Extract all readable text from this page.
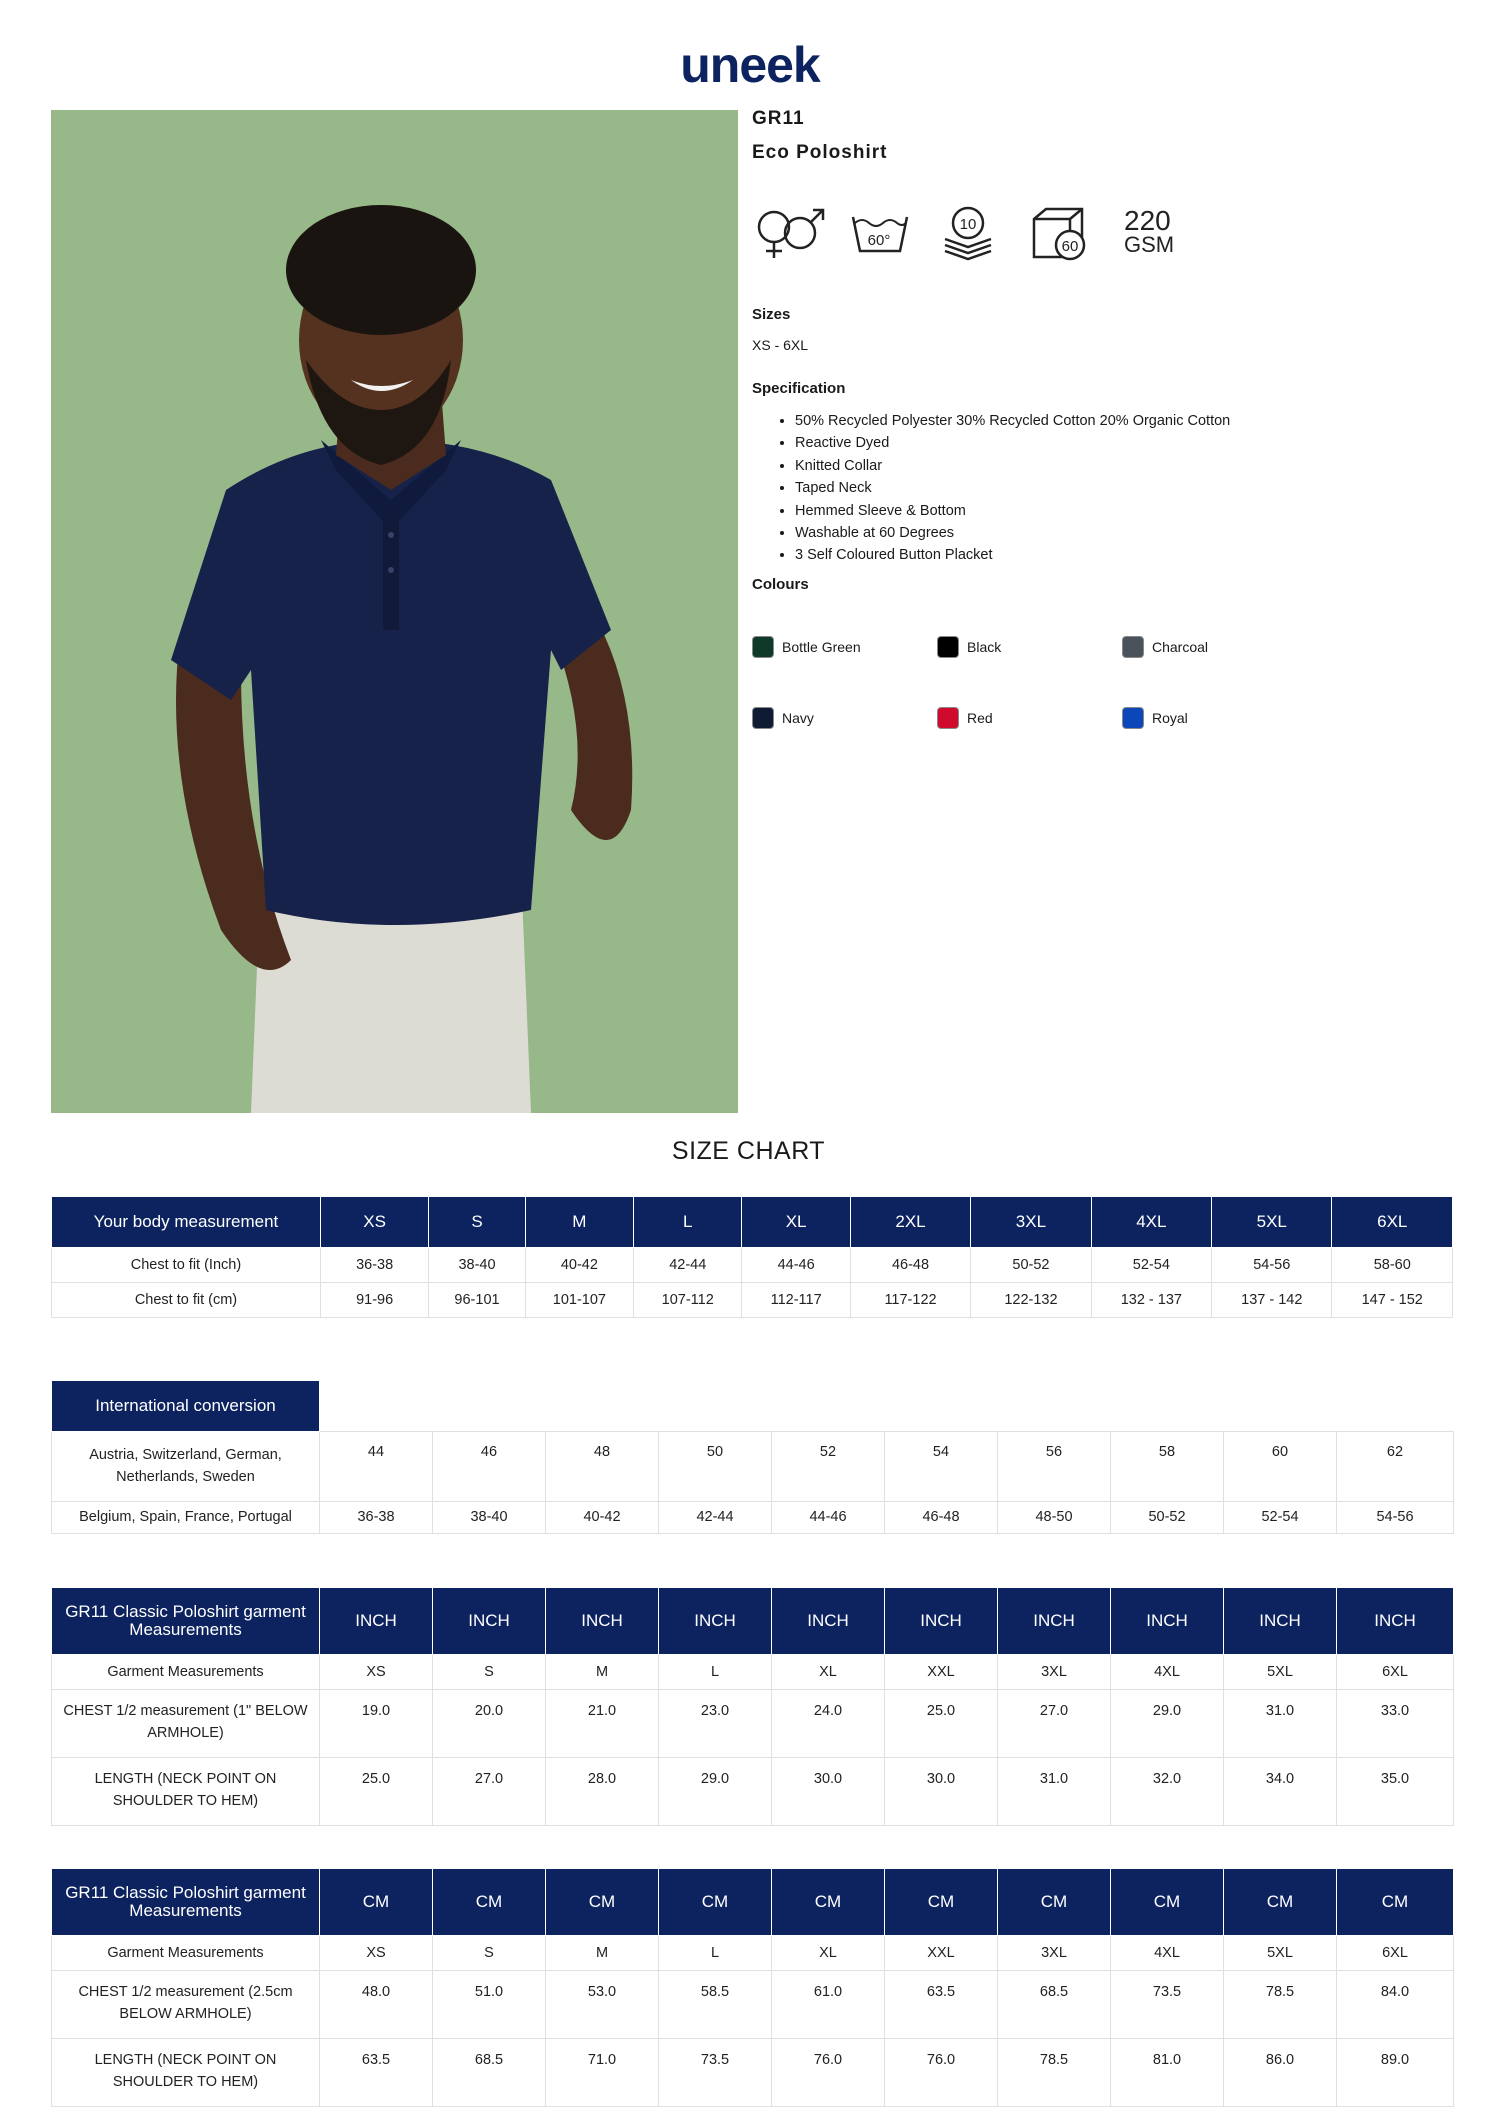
uneek

GR11

Eco Poloshirt

60°
10
60
220
GSM
Sizes
XS - 6XL
Specification
• 50% Recycled Polyester 30% Recycled Cotton 20% Organic Cotton
• Reactive Dyed
• Knitted Collar
• Taped Neck
• Hemmed Sleeve & Bottom
• Washable at 60 Degrees
• 3 Self Coloured Button Placket
Colours
Bottle Green	Black	Charcoal
Navy	Red	Royal
SIZE CHART
Your body measurement	XS	S	M	L	XL	2XL	3XL	4XL	5XL	6XL
Chest to fit (Inch)	36-38	38-40	40-42	42-44	44-46	46-48	50-52	52-54	54-56	58-60
Chest to fit (cm)	91-96	96-101	101-107	107-112	112-117	117-122	122-132	132 - 137	137 - 142	147 - 152
International conversion										
Austria, Switzerland, German, Netherlands, Sweden	44	46	48	50	52	54	56	58	60	62
Belgium, Spain, France, Portugal	36-38	38-40	40-42	42-44	44-46	46-48	48-50	50-52	52-54	54-56
GR11 Classic Poloshirt garment Measurements	INCH	INCH	INCH	INCH	INCH	INCH	INCH	INCH	INCH	INCH
Garment Measurements	XS	S	M	L	XL	XXL	3XL	4XL	5XL	6XL
CHEST 1/2 measurement (1" BELOW ARMHOLE)	19.0	20.0	21.0	23.0	24.0	25.0	27.0	29.0	31.0	33.0
LENGTH (NECK POINT ON SHOULDER TO HEM)	25.0	27.0	28.0	29.0	30.0	30.0	31.0	32.0	34.0	35.0
GR11 Classic Poloshirt garment Measurements	CM	CM	CM	CM	CM	CM	CM	CM	CM	CM
Garment Measurements	XS	S	M	L	XL	XXL	3XL	4XL	5XL	6XL
CHEST 1/2 measurement (2.5cm BELOW ARMHOLE)	48.0	51.0	53.0	58.5	61.0	63.5	68.5	73.5	78.5	84.0
LENGTH (NECK POINT ON SHOULDER TO HEM)	63.5	68.5	71.0	73.5	76.0	76.0	78.5	81.0	86.0	89.0
